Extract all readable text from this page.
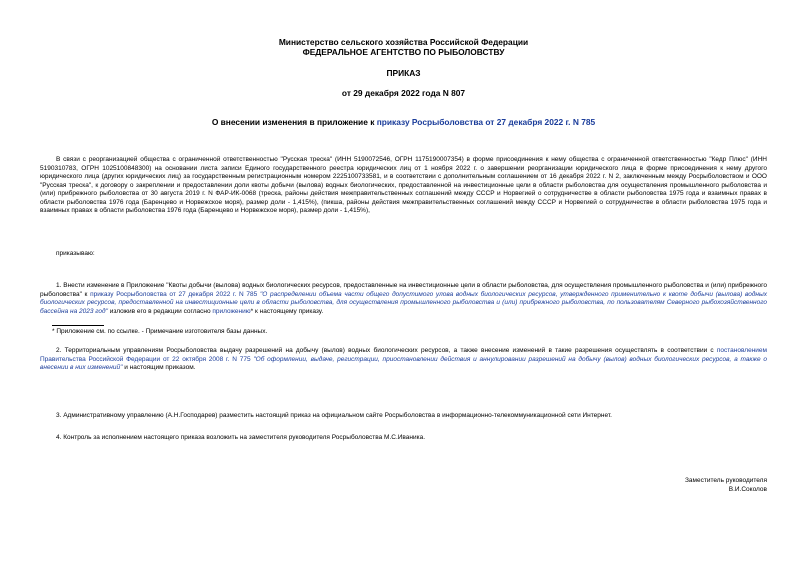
Министерство сельского хозяйства Российской Федерации
ФЕДЕРАЛЬНОЕ АГЕНТСТВО ПО РЫБОЛОВСТВУ
ПРИКАЗ
от 29 декабря 2022 года N 807
О внесении изменения в приложение к приказу Росрыболовства от 27 декабря 2022 г. N 785
В связи с реорганизацией общества с ограниченной ответственностью "Русская треска" (ИНН 5190072546, ОГРН 1175190007354) в форме присоединения к нему общества с ограниченной ответственностью "Кедр Плюс" (ИНН 5190310783, ОГРН 1025100848300) на основании листа записи Единого государственного реестра юридических лиц от 1 ноября 2022 г. о завершении реорганизации юридического лица в форме присоединения к нему другого юридического лица (других юридических лиц) за государственным регистрационным номером 2225100733581, и в соответствии с дополнительным соглашением от 16 декабря 2022 г. N 2, заключенным между Росрыболовством и ООО "Русская треска", к договору о закреплении и предоставлении доли квоты добычи (вылова) водных биологических, предоставленной на инвестиционные цели в области рыболовства для осуществления промышленного рыболовства и (или) прибрежного рыболовства от 30 августа 2019 г. N ФАР-ИК-0068 (треска, районы действия межправительственных соглашений между СССР и Норвегией о сотрудничестве в области рыболовства 1975 года и взаимных правах в области рыболовства 1976 года (Баренцево и Норвежское моря), размер доли - 1,415%), (пикша, районы действия межправительственных соглашений между СССР и Норвегией о сотрудничестве в области рыболовства 1975 года и взаимных правах в области рыболовства 1976 года (Баренцево и Норвежское моря), размер доли - 1,415%),
приказываю:
1. Внести изменение в Приложение "Квоты добычи (вылова) водных биологических ресурсов, предоставленные на инвестиционные цели в области рыболовства, для осуществления промышленного рыболовства и (или) прибрежного рыболовства" к приказу Росрыболовства от 27 декабря 2022 г. N 785 "О распределении объема части общего допустимого улова водных биологических ресурсов, утвержденного применительно к квоте добычи (вылова) водных биологических ресурсов, предоставленной на инвестиционные цели в области рыболовства, для осуществления промышленного рыболовства и (или) прибрежного рыболовства, по пользователям Северного рыбохозяйственного бассейна на 2023 год" изложив его в редакции согласно приложению* к настоящему приказу.
* Приложение см. по ссылке. - Примечание изготовителя базы данных.
2. Территориальным управлениям Росрыболовства выдачу разрешений на добычу (вылов) водных биологических ресурсов, а также внесение изменений в такие разрешения осуществлять в соответствии с постановлением Правительства Российской Федерации от 22 октября 2008 г. N 775 "Об оформлении, выдаче, регистрации, приостановлении действия и аннулировании разрешений на добычу (вылов) водных биологических ресурсов, а также о внесении в них изменений" и настоящим приказом.
3. Административному управлению (А.Н.Господарев) разместить настоящий приказ на официальном сайте Росрыболовства в информационно-телекоммуникационной сети Интернет.
4. Контроль за исполнением настоящего приказа возложить на заместителя руководителя Росрыболовства М.С.Иваника.
Заместитель руководителя
В.И.Соколов
